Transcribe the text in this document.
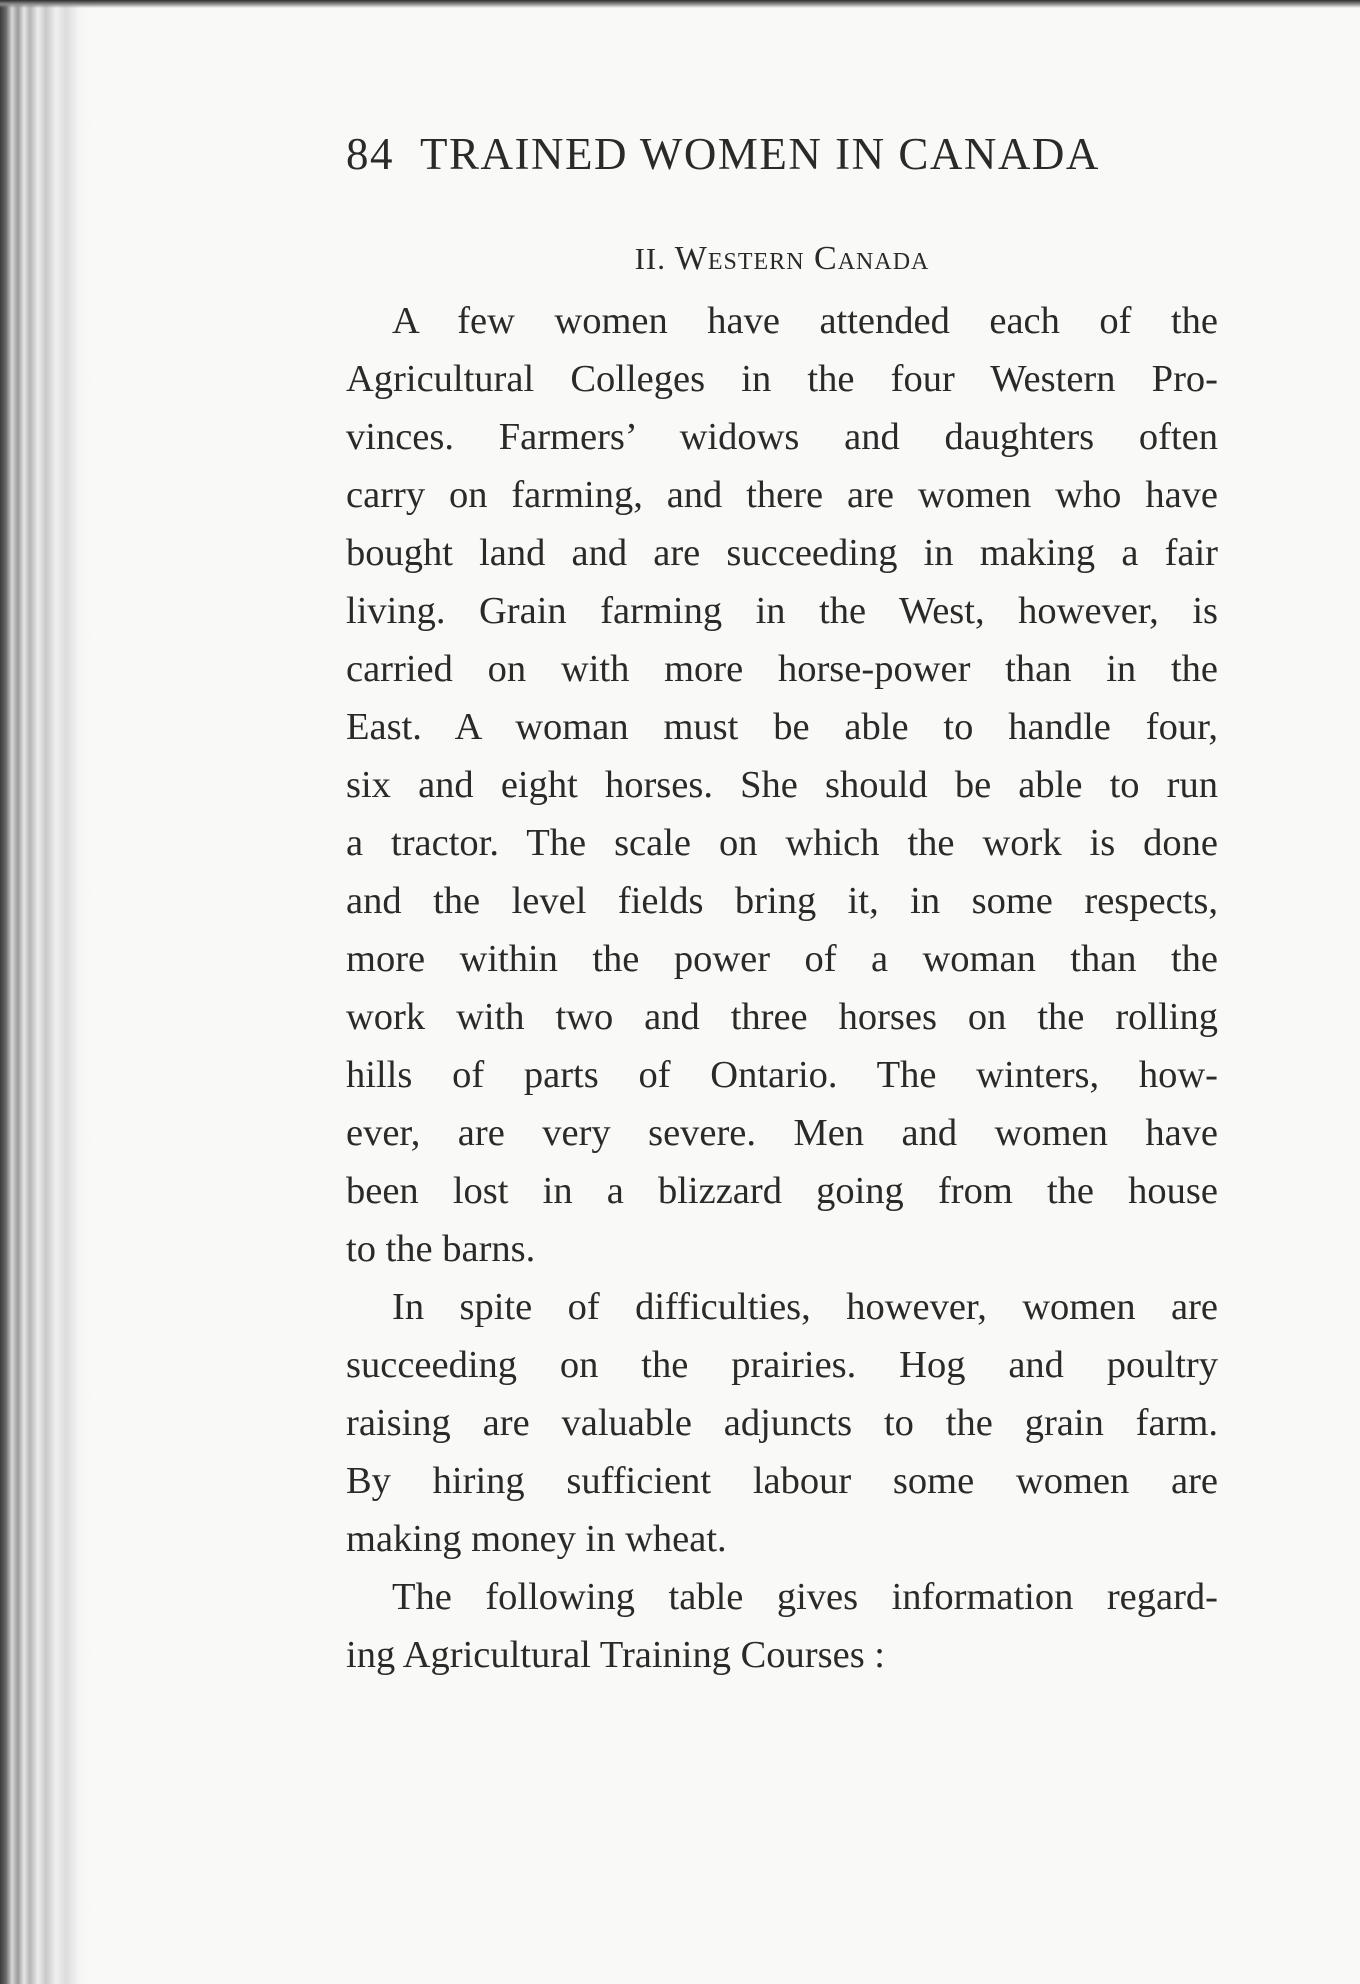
84 TRAINED WOMEN IN CANADA
II. Western Canada
A few women have attended each of the
Agricultural Colleges in the four Western Pro-
vinces. Farmers’ widows and daughters often
carry on farming, and there are women who have
bought land and are succeeding in making a fair
living. Grain farming in the West, however, is
carried on with more horse-power than in the
East. A woman must be able to handle four,
six and eight horses. She should be able to run
a tractor. The scale on which the work is done
and the level fields bring it, in some respects,
more within the power of a woman than the
work with two and three horses on the rolling
hills of parts of Ontario. The winters, how-
ever, are very severe. Men and women have
been lost in a blizzard going from the house
to the barns.
In spite of difficulties, however, women are
succeeding on the prairies. Hog and poultry
raising are valuable adjuncts to the grain farm.
By hiring sufficient labour some women are
making money in wheat.
The following table gives information regard-
ing Agricultural Training Courses :
